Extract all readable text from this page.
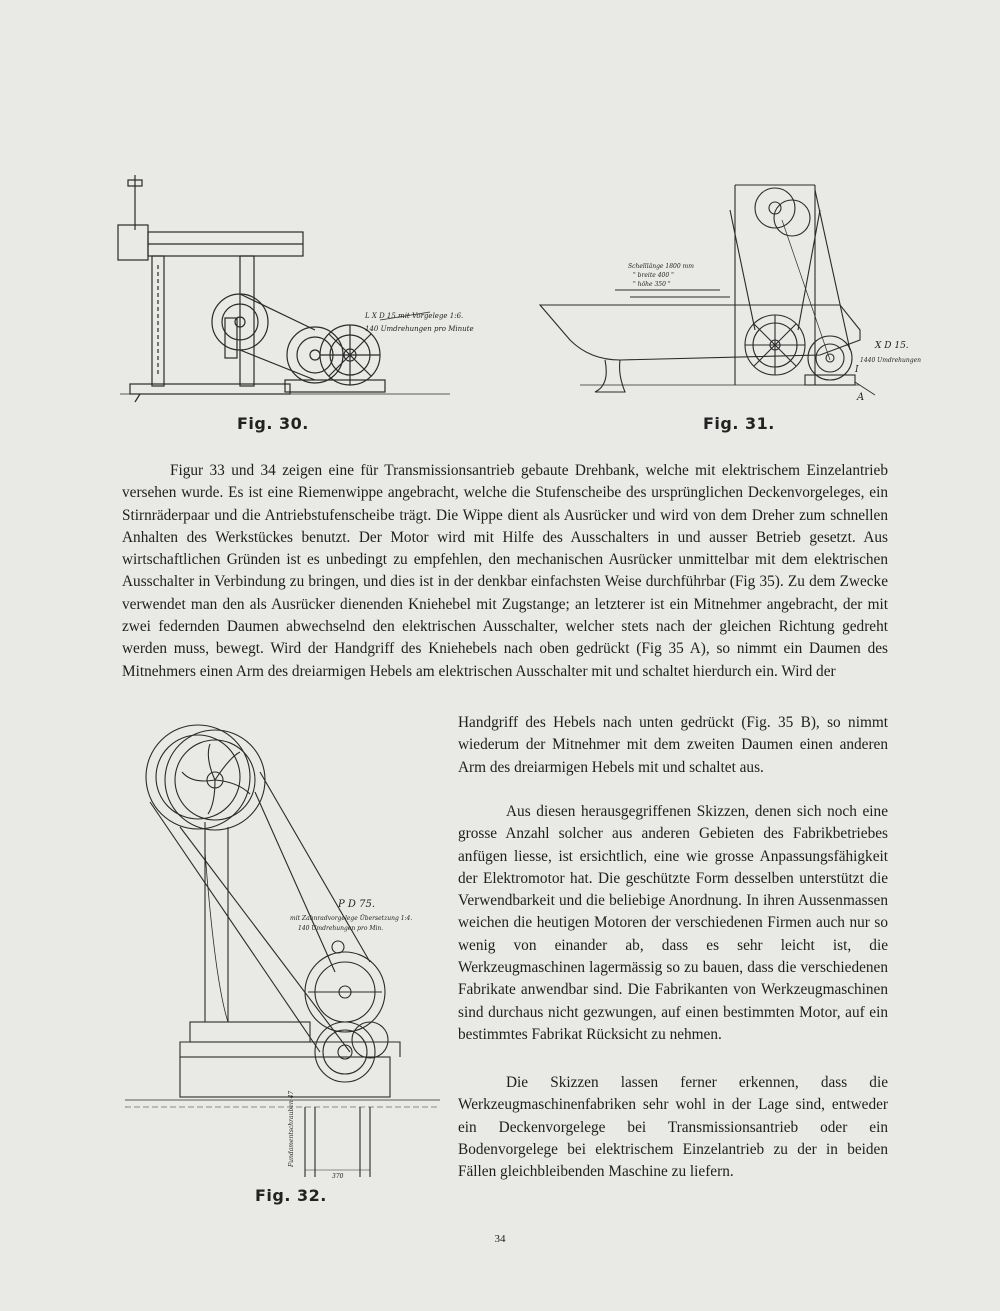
L X D 15 mit Vorgelege 1:6.
140 Umdrehungen pro Minute
Fig. 30.
Schelllänge 1800 mm
" breite 400 "
" höhe 350 "
X D 15.
1440 Umdrehungen
I
A
Fig. 31.

Figur 33 und 34 zeigen eine für Transmissionsantrieb gebaute Drehbank, welche mit elektrischem Einzelantrieb versehen wurde. Es ist eine Riemenwippe angebracht, welche die Stufenscheibe des ursprünglichen Deckenvorgeleges, ein Stirnräderpaar und die Antriebstufenscheibe trägt. Die Wippe dient als Ausrücker und wird von dem Dreher zum schnellen Anhalten des Werkstückes benutzt. Der Motor wird mit Hilfe des Ausschalters in und ausser Betrieb gesetzt. Aus wirtschaftlichen Gründen ist es unbedingt zu empfehlen, den mechanischen Ausrücker unmittelbar mit dem elektrischen Ausschalter in Verbindung zu bringen, und dies ist in der denkbar einfachsten Weise durchführbar (Fig 35). Zu dem Zwecke verwendet man den als Ausrücker dienenden Kniehebel mit Zugstange; an letzterer ist ein Mitnehmer angebracht, der mit zwei federnden Daumen abwechselnd den elektrischen Ausschalter, welcher stets nach der gleichen Richtung gedreht werden muss, bewegt. Wird der Handgriff des Kniehebels nach oben gedrückt (Fig 35 A), so nimmt ein Daumen des Mitnehmers einen Arm des dreiarmigen Hebels am elektrischen Ausschalter mit und schaltet hierdurch ein. Wird der

Fundamentschrauben 47
370
P D 75.
mit Zahnradvorgelege Übersetzung 1:4.
140 Umdrehungen pro Min.
Fig. 32.

Handgriff des Hebels nach unten gedrückt (Fig. 35 B), so nimmt wiederum der Mitnehmer mit dem zweiten Daumen einen anderen Arm des dreiarmigen Hebels mit und schaltet aus.

Aus diesen herausgegriffenen Skizzen, denen sich noch eine grosse Anzahl solcher aus anderen Gebieten des Fabrikbetriebes anfügen liesse, ist ersichtlich, eine wie grosse Anpassungsfähigkeit der Elektromotor hat. Die geschützte Form desselben unterstützt die Verwendbarkeit und die beliebige Anordnung. In ihren Aussenmassen weichen die heutigen Motoren der verschiedenen Firmen auch nur so wenig von einander ab, dass es sehr leicht ist, die Werkzeugmaschinen lagermässig so zu bauen, dass die verschiedenen Fabrikate anwendbar sind. Die Fabrikanten von Werkzeugmaschinen sind durchaus nicht gezwungen, auf einen bestimmten Motor, auf ein bestimmtes Fabrikat Rücksicht zu nehmen.

Die Skizzen lassen ferner erkennen, dass die Werkzeugmaschinenfabriken sehr wohl in der Lage sind, entweder ein Deckenvorgelege bei Transmissionsantrieb oder ein Bodenvorgelege bei elektrischem Einzelantrieb zu der in beiden Fällen gleichbleibenden Maschine zu liefern.

34
